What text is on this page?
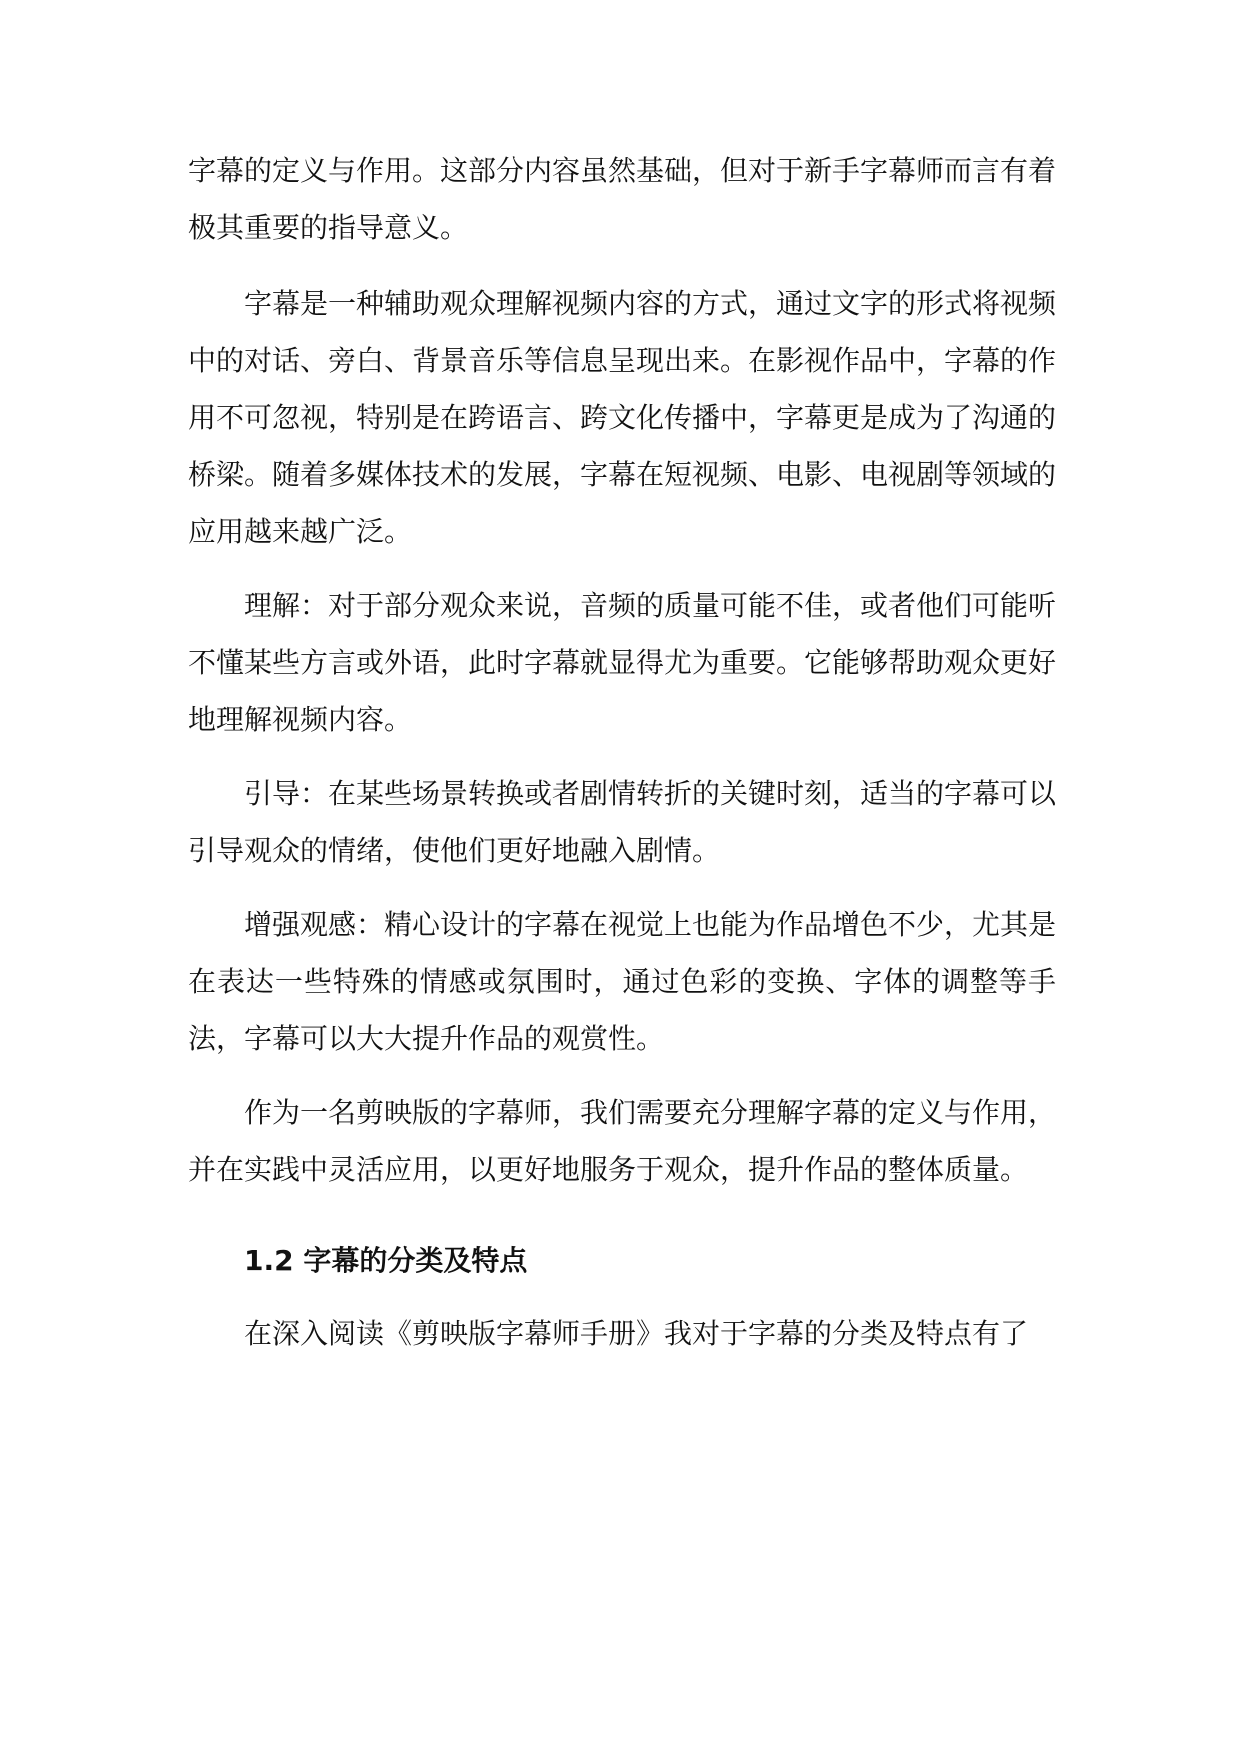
字幕的定义与作用。这部分内容虽然基础，但对于新手字幕师而言有着极其重要的指导意义。

字幕是一种辅助观众理解视频内容的方式，通过文字的形式将视频中的对话、旁白、背景音乐等信息呈现出来。在影视作品中，字幕的作用不可忽视，特别是在跨语言、跨文化传播中，字幕更是成为了沟通的桥梁。随着多媒体技术的发展，字幕在短视频、电影、电视剧等领域的应用越来越广泛。

理解：对于部分观众来说，音频的质量可能不佳，或者他们可能听不懂某些方言或外语，此时字幕就显得尤为重要。它能够帮助观众更好地理解视频内容。

引导：在某些场景转换或者剧情转折的关键时刻，适当的字幕可以引导观众的情绪，使他们更好地融入剧情。

增强观感：精心设计的字幕在视觉上也能为作品增色不少，尤其是在表达一些特殊的情感或氛围时，通过色彩的变换、字体的调整等手法，字幕可以大大提升作品的观赏性。

作为一名剪映版的字幕师，我们需要充分理解字幕的定义与作用，并在实践中灵活应用，以更好地服务于观众，提升作品的整体质量。

1.2 字幕的分类及特点

在深入阅读《剪映版字幕师手册》我对于字幕的分类及特点有了
